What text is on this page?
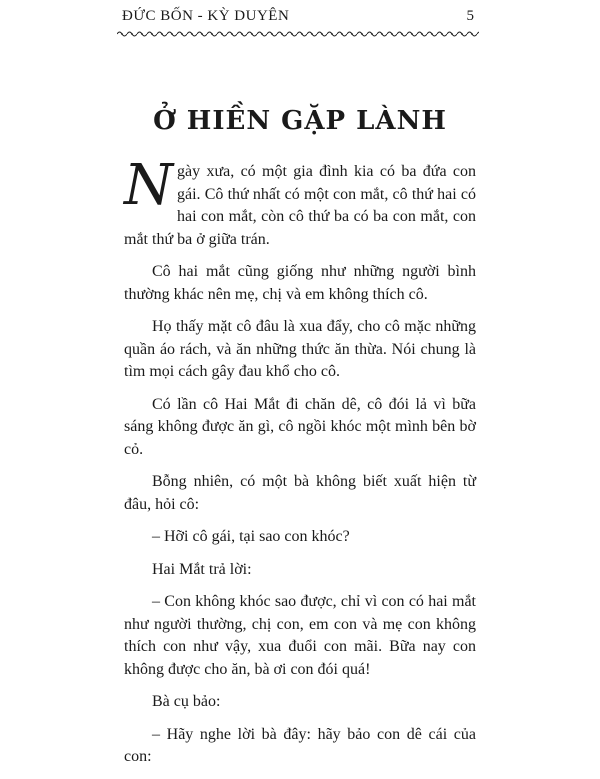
ĐỨC BỐN - KỲ DUYÊN	5
Ở HIỀN GẶP LÀNH

Ngày xưa, có một gia đình kia có ba đứa con gái. Cô thứ nhất có một con mắt, cô thứ hai có hai con mắt, còn cô thứ ba có ba con mắt, con mắt thứ ba ở giữa trán.

Cô hai mắt cũng giống như những người bình thường khác nên mẹ, chị và em không thích cô.

Họ thấy mặt cô đâu là xua đẩy, cho cô mặc những quần áo rách, và ăn những thức ăn thừa. Nói chung là tìm mọi cách gây đau khổ cho cô.

Có lần cô Hai Mắt đi chăn dê, cô đói lả vì bữa sáng không được ăn gì, cô ngồi khóc một mình bên bờ cỏ.

Bỗng nhiên, có một bà không biết xuất hiện từ đâu, hỏi cô:

– Hỡi cô gái, tại sao con khóc?

Hai Mắt trả lời:

– Con không khóc sao được, chỉ vì con có hai mắt như người thường, chị con, em con và mẹ con không thích con như vậy, xua đuổi con mãi. Bữa nay con không được cho ăn, bà ơi con đói quá!

Bà cụ bảo:

– Hãy nghe lời bà đây: hãy bảo con dê cái của con:
